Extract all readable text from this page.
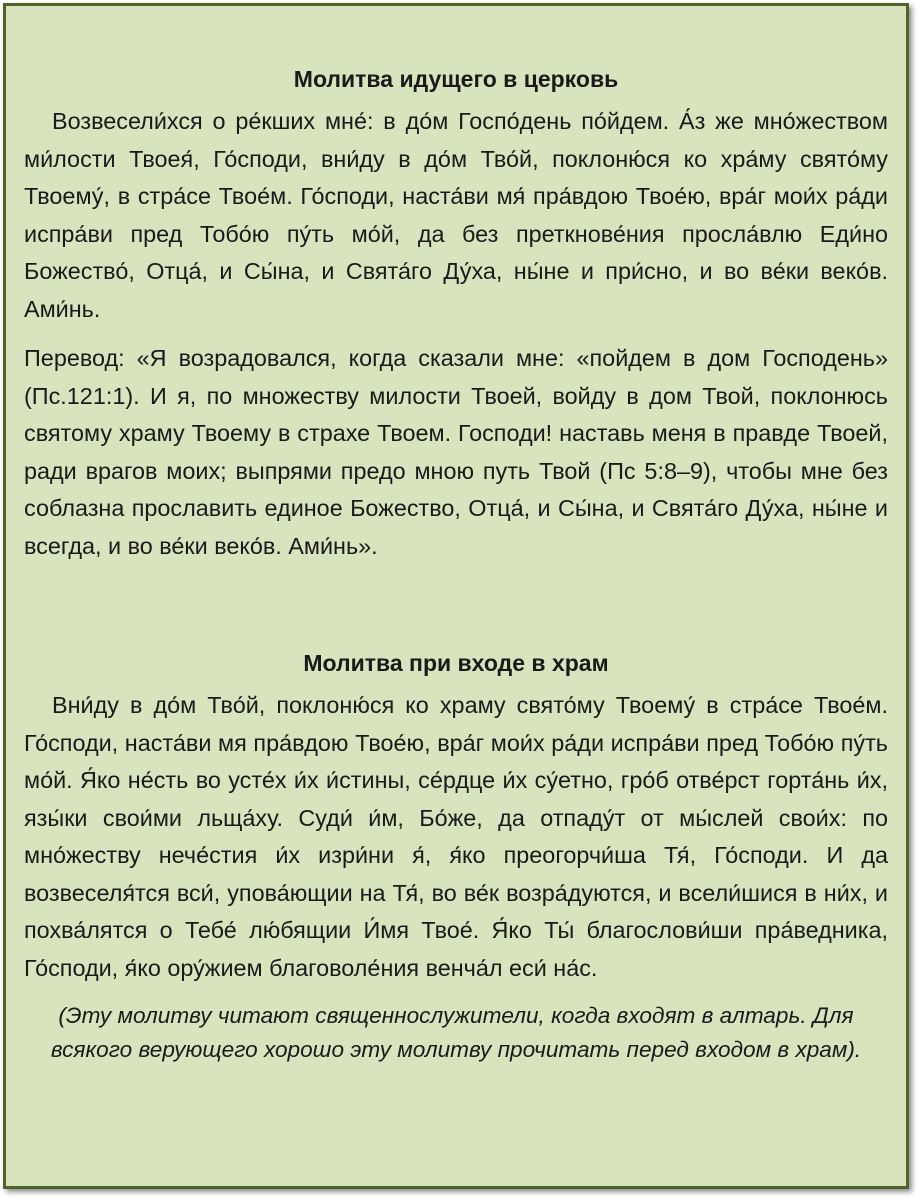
Молитва идущего в церковь

Возвесели́хся о ре́кших мне́: в до́м Госпо́день по́йдем. А́з же мно́жеством ми́лости Твоея́, Го́споди, вни́ду в до́м Тво́й, поклоню́ся ко хра́му свято́му Твоему́, в стра́се Твое́м. Го́споди, наста́ви мя́ пра́вдою Твое́ю, вра́г мои́х ра́ди испра́ви пред Тобо́ю пу́ть мо́й, да без преткнове́ния просла́влю Еди́но Божество́, Отца́, и Сы́на, и Свята́го Ду́ха, ны́не и при́сно, и во ве́ки веко́в. Ами́нь.

Перевод: «Я возрадовался, когда сказали мне: «пойдем в дом Господень» (Пс.121:1). И я, по множеству милости Твоей, войду в дом Твой, поклонюсь святому храму Твоему в страхе Твоем. Господи! наставь меня в правде Твоей, ради врагов моих; выпрями предо мною путь Твой (Пс 5:8–9), чтобы мне без соблазна прославить единое Божество, Отца́, и Сы́на, и Свята́го Ду́ха, ны́не и всегда, и во ве́ки веко́в. Ами́нь».

Молитва при входе в храм

Вни́ду в до́м Тво́й, поклоню́ся ко храму свято́му Твоему́ в стра́се Твое́м. Го́споди, наста́ви мя пра́вдою Твое́ю, вра́г мои́х ра́ди испра́ви пред Тобо́ю пу́ть мо́й. Я́ко не́сть во усте́х и́х и́стины, се́рдце и́х су́етно, гро́б отве́рст горта́нь и́х, язы́ки свои́ми льща́ху. Суди́ и́м, Бо́же, да отпаду́т от мы́слей свои́х: по мно́жеству нече́стия и́х изри́ни я́, я́ко преогорчи́ша Тя́, Го́споди. И да возвеселя́тся вси́, упова́ющии на Тя́, во ве́к возра́дуются, и всели́шися в ни́х, и похва́лятся о Тебе́ лю́бящии И́мя Твое́. Я́ко Ты́ благослови́ши пра́ведника, Го́споди, я́ко ору́жием благоволе́ния венча́л еси́ на́с.

(Эту молитву читают священнослужители, когда входят в алтарь. Для всякого верующего хорошо эту молитву прочитать перед входом в храм).
